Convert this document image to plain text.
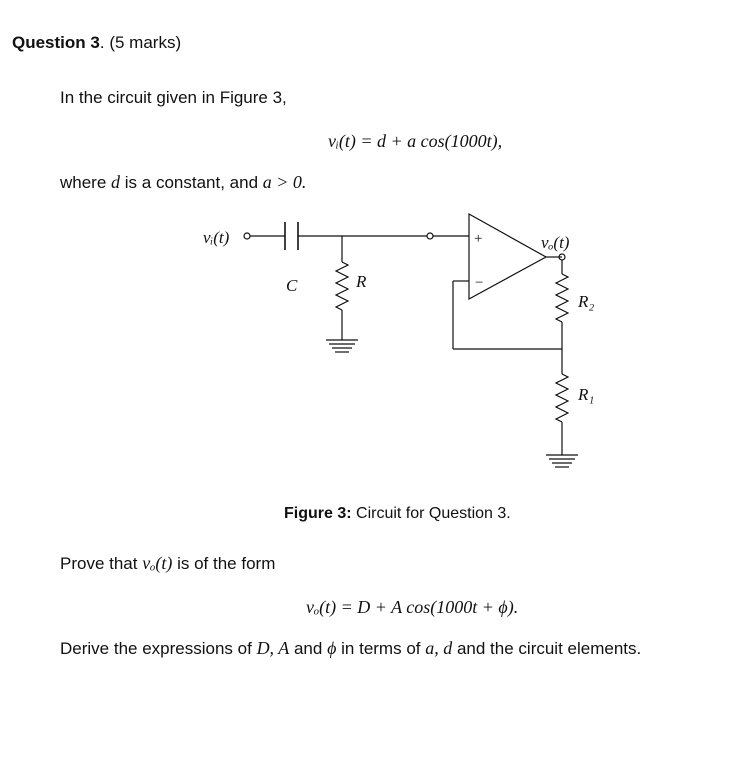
Question 3. (5 marks)
In the circuit given in Figure 3,
vᵢ(t) = d + a cos(1000t),
where d is a constant, and a > 0.
vᵢ(t)	vₒ(t)
C	R
R₂
R₁
+
−
Figure 3: Circuit for Question 3.
Prove that vₒ(t) is of the form
vₒ(t) = D + A cos(1000t + ϕ).
Derive the expressions of D, A and ϕ in terms of a, d and the circuit elements.
